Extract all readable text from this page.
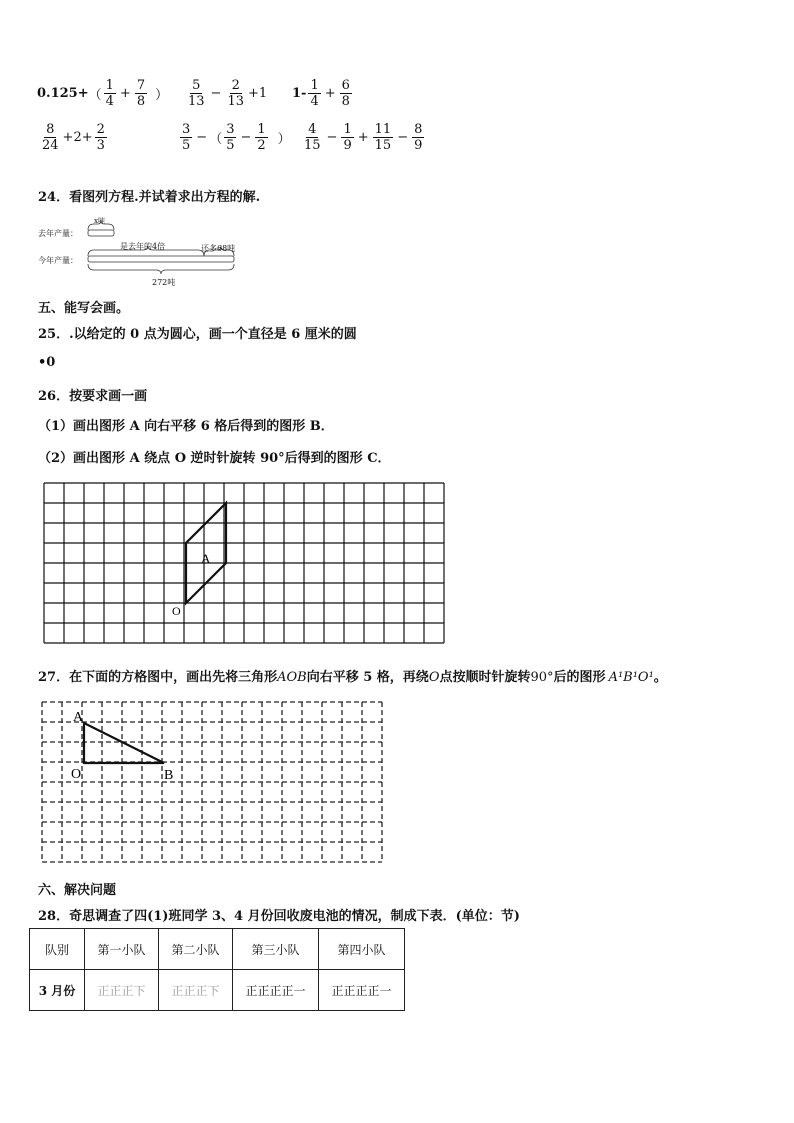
0.125+ （ $\frac{1}{4} + \frac{7}{8}$ ） $\frac{5}{13} - \frac{2}{13} +1$ $1- \frac{1}{4} + \frac{6}{8}$
$\frac{8}{24} +2+ \frac{2}{3}$	$\frac{3}{5}$ − （ $\frac{3}{5} - \frac{1}{2}$ ） $\frac{4}{15} - \frac{1}{9} + \frac{11}{15} - \frac{8}{9}$
24．看图列方程.并试着求出方程的解.
去年产量：
x吨
今年产量：
是去年的4倍	还多68吨
272吨
五、能写会画。
25．.以给定的 0 点为圆心，画一个直径是 6 厘米的圆
•0
26．按要求画一画
（1）画出图形 A 向右平移 6 格后得到的图形 B．
（2）画出图形 A 绕点 O 逆时针旋转 90°后得到的图形 C．
A
O
27．在下面的方格图中，画出先将三角形AOB向右平移 5 格，再绕O点按顺时针旋转90°后的图形 A¹B¹O¹。
A
O	B
六、解决问题
28．奇思调查了四(1)班同学 3、4 月份回收废电池的情况，制成下表．(单位：节)
队别	第一小队	第二小队	第三小队	第四小队
3 月份	正正正下	正正正下	正正正正一	正正正正一
